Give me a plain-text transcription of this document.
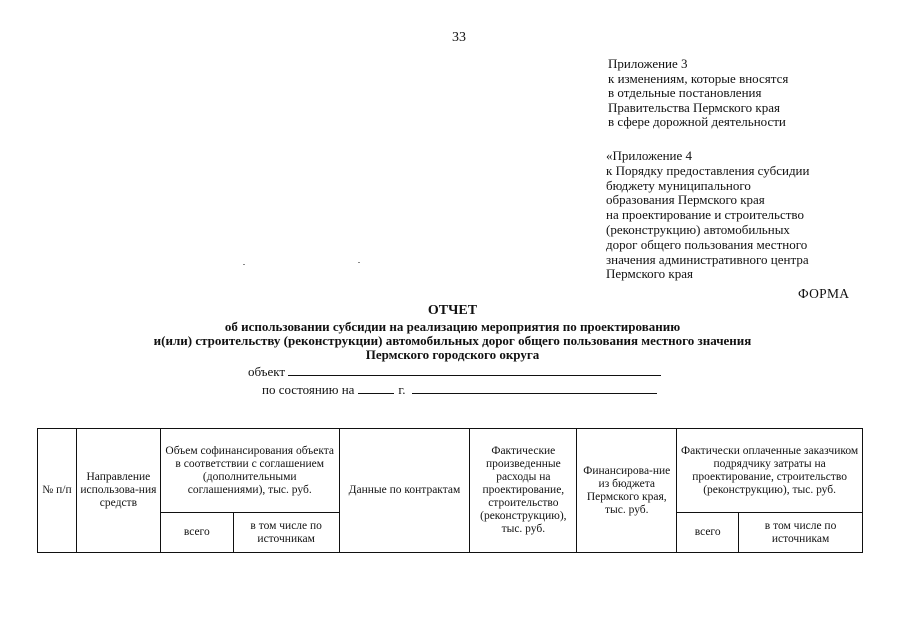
33
Приложение 3
к изменениям, которые вносятся
в отдельные постановления
Правительства Пермского края
в сфере дорожной деятельности
«Приложение 4
к Порядку предоставления субсидии
бюджету муниципального
образования Пермского края
на проектирование и строительство
(реконструкцию) автомобильных
дорог общего пользования местного
значения административного центра
Пермского края
ФОРМА
ОТЧЕТ
об использовании субсидии на реализацию мероприятия по проектированию
и(или) строительству (реконструкции) автомобильных дорог общего пользования местного значения
Пермского городского округа
объект
по состоянию на	г.
№ п/п	Направление использова-ния средств	Объем софинансирования объекта в соответствии с соглашением (дополнительными соглашениями), тыс. руб.		Данные по контрактам	Фактические произведенные расходы на проектирование, строительство (реконструкцию), тыс. руб.	Финансирова-ние из бюджета Пермского края, тыс. руб.	Фактически оплаченные заказчиком подрядчику затраты на проектирование, строительство (реконструкцию), тыс. руб.	
		всего	в том числе по источникам				всего	в том числе по источникам
